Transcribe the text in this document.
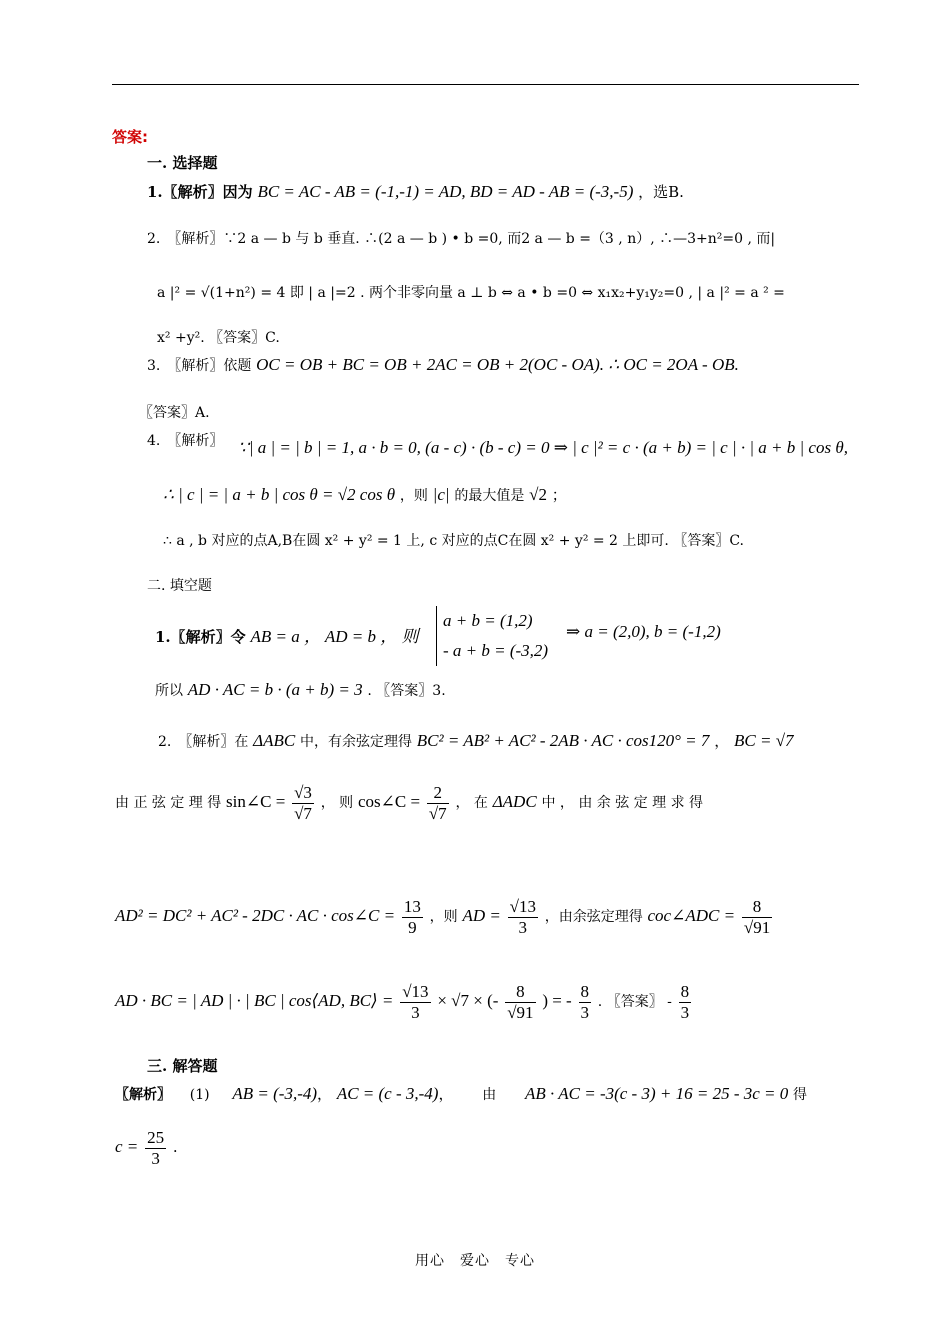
答案:
一. 选择题
1.〖解析〗因为 BC = AC - AB = (-1,-1) = AD, BD = AD - AB = (-3,-5) ，选B.
2.　〖解析〗∵2 a — b 与 b 垂直. ∴(2 a — b ) • b =0, 而2 a — b =（3 , n）, ∴—3+n²=0 , 而|
a |² = √(1+n²) = 4 即 | a |=2 . 两个非零向量 a ⊥ b ⇔ a • b =0 ⇔ x₁x₂+y₁y₂=0 , | a |² = a ² =
x² +y². 〖答案〗C.
3.　〖解析〗依题 OC = OB + BC = OB + 2AC = OB + 2(OC - OA). ∴ OC = 2OA - OB.
〖答案〗A.
4.　〖解析〗 ∵| a | = | b | = 1, a · b = 0, (a - c) · (b - c) = 0 ⇒ | c |² = c · (a + b) = | c | · | a + b | cos θ,
∴ | c | = | a + b | cos θ = √2 cos θ ，则 |c| 的最大值是 √2 ；
∴ a , b 对应的点A,B在圆 x² + y² = 1 上, c 对应的点C在圆 x² + y² = 2 上即可. 〖答案〗C.
二. 填空题
1.〖解析〗令 AB = a ， AD = b ， 则
a + b = (1,2)
- a + b = (-3,2)
⇒ a = (2,0), b = (-1,2)
所以 AD · AC = b · (a + b) = 3 . 〖答案〗3.
2.　〖解析〗在 ΔABC 中，有余弦定理得 BC² = AB² + AC² - 2AB · AC · cos120° = 7 ， BC = √7
由 正 弦 定 理 得 sin∠C = $\frac{√3}{√7}$ ， 则 cos∠C = $\frac{2}{√7}$ ， 在 ΔADC 中 ， 由 余 弦 定 理 求 得
AD² = DC² + AC² - 2DC · AC · cos∠C = $\frac{13}{9}$ ，则 AD = $\frac{√13}{3}$ ，由余弦定理得 coc∠ADC = $\frac{8}{√91}$
AD · BC = | AD | · | BC | cos⟨AD, BC⟩ = $\frac{√13}{3} \times √7$ × (- $\frac{8}{√91}$ ) = - $\frac{8}{3}$ . 〖答案〗 - $\frac{8}{3}$
三. 解答题
〖解析〗 (1) AB = (-3,-4)， AC = (c - 3,-4)， 由 AB · AC = -3(c - 3) + 16 = 25 - 3c = 0 得
$c = \frac{25}{3}$ .
用心　爱心　专心
